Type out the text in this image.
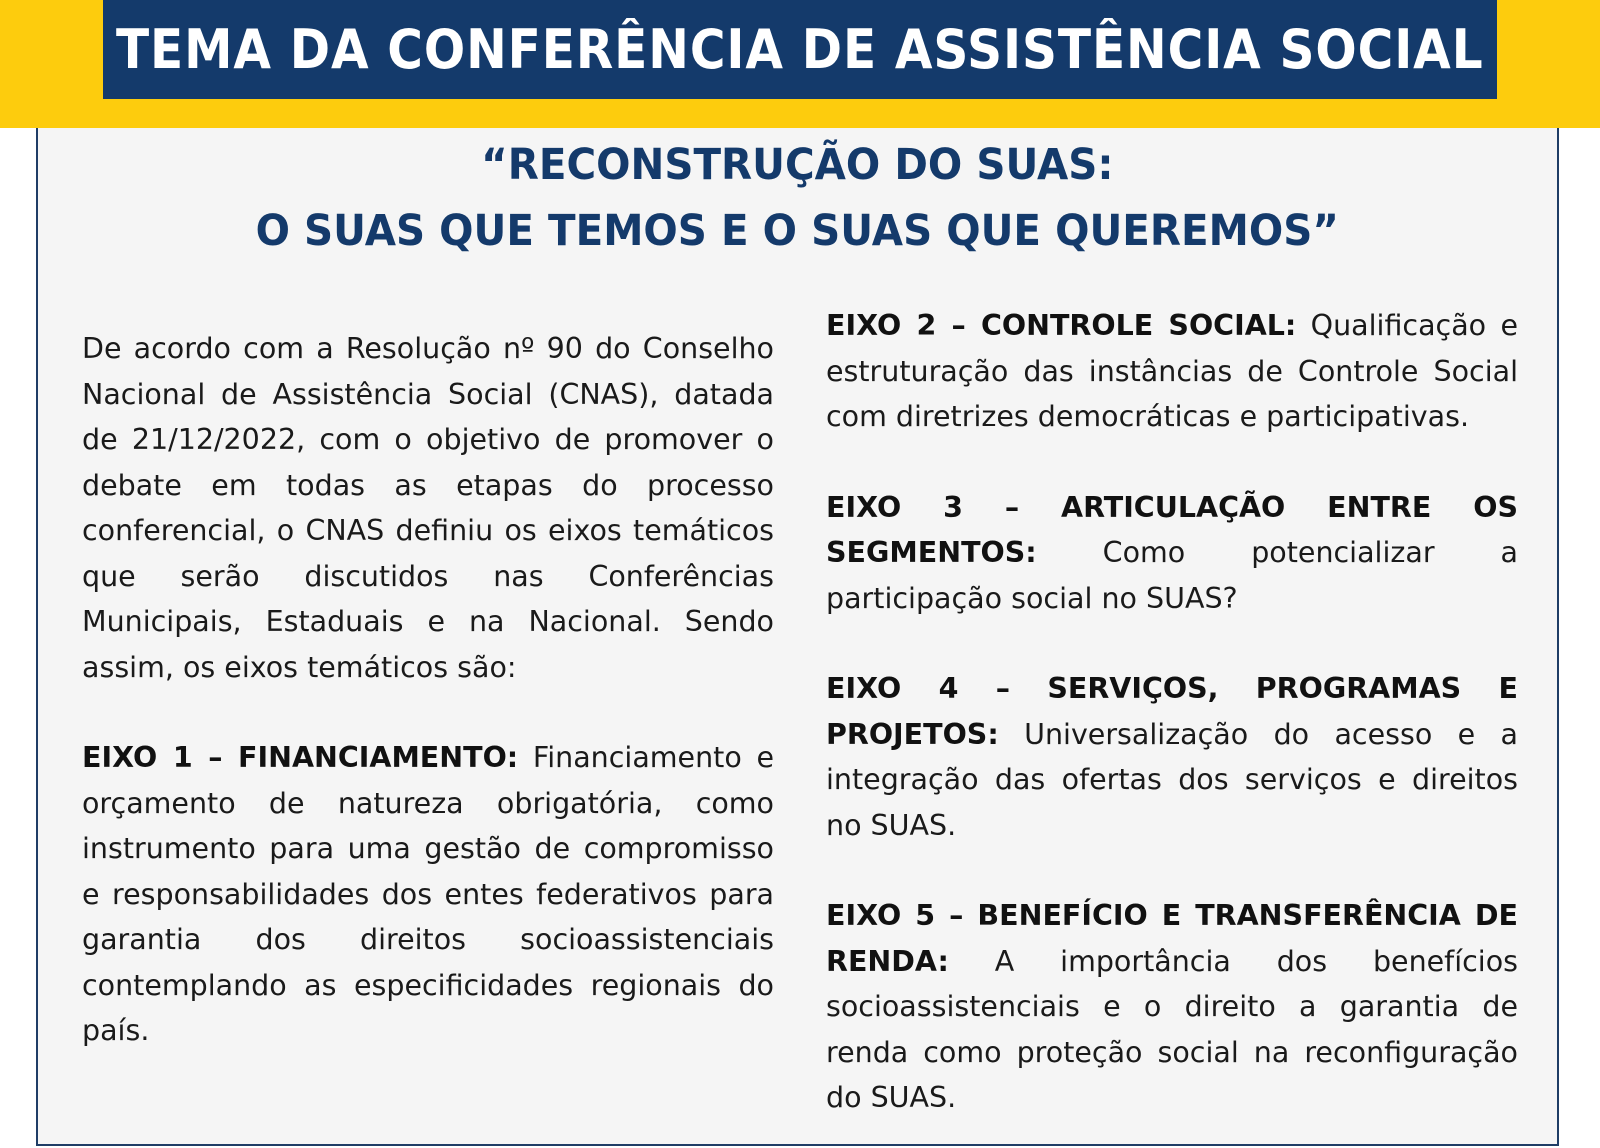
TEMA DA CONFERÊNCIA DE ASSISTÊNCIA SOCIAL
“RECONSTRUÇÃO DO SUAS:
O SUAS QUE TEMOS E O SUAS QUE QUEREMOS”

De acordo com a Resolução nº 90 do Conselho Nacional de Assistência Social (CNAS), datada de 21/12/2022, com o objetivo de promover o debate em todas as etapas do processo conferencial, o CNAS definiu os eixos temáticos que serão discutidos nas Conferências Municipais, Estaduais e na Nacional. Sendo assim, os eixos temáticos são:

EIXO 1 – FINANCIAMENTO: Financiamento e orçamento de natureza obrigatória, como instrumento para uma gestão de compromisso e responsabilidades dos entes federativos para garantia dos direitos socioassistenciais contemplando as especificidades regionais do país.

EIXO 2 – CONTROLE SOCIAL: Qualificação e estruturação das instâncias de Controle Social com diretrizes democráticas e participativas.

EIXO 3 – ARTICULAÇÃO ENTRE OS SEGMENTOS: Como potencializar a participação social no SUAS?

EIXO 4 – SERVIÇOS, PROGRAMAS E PROJETOS: Universalização do acesso e a integração das ofertas dos serviços e direitos no SUAS.

EIXO 5 – BENEFÍCIO E TRANSFERÊNCIA DE RENDA: A importância dos benefícios socioassistenciais e o direito a garantia de renda como proteção social na reconfiguração do SUAS.
